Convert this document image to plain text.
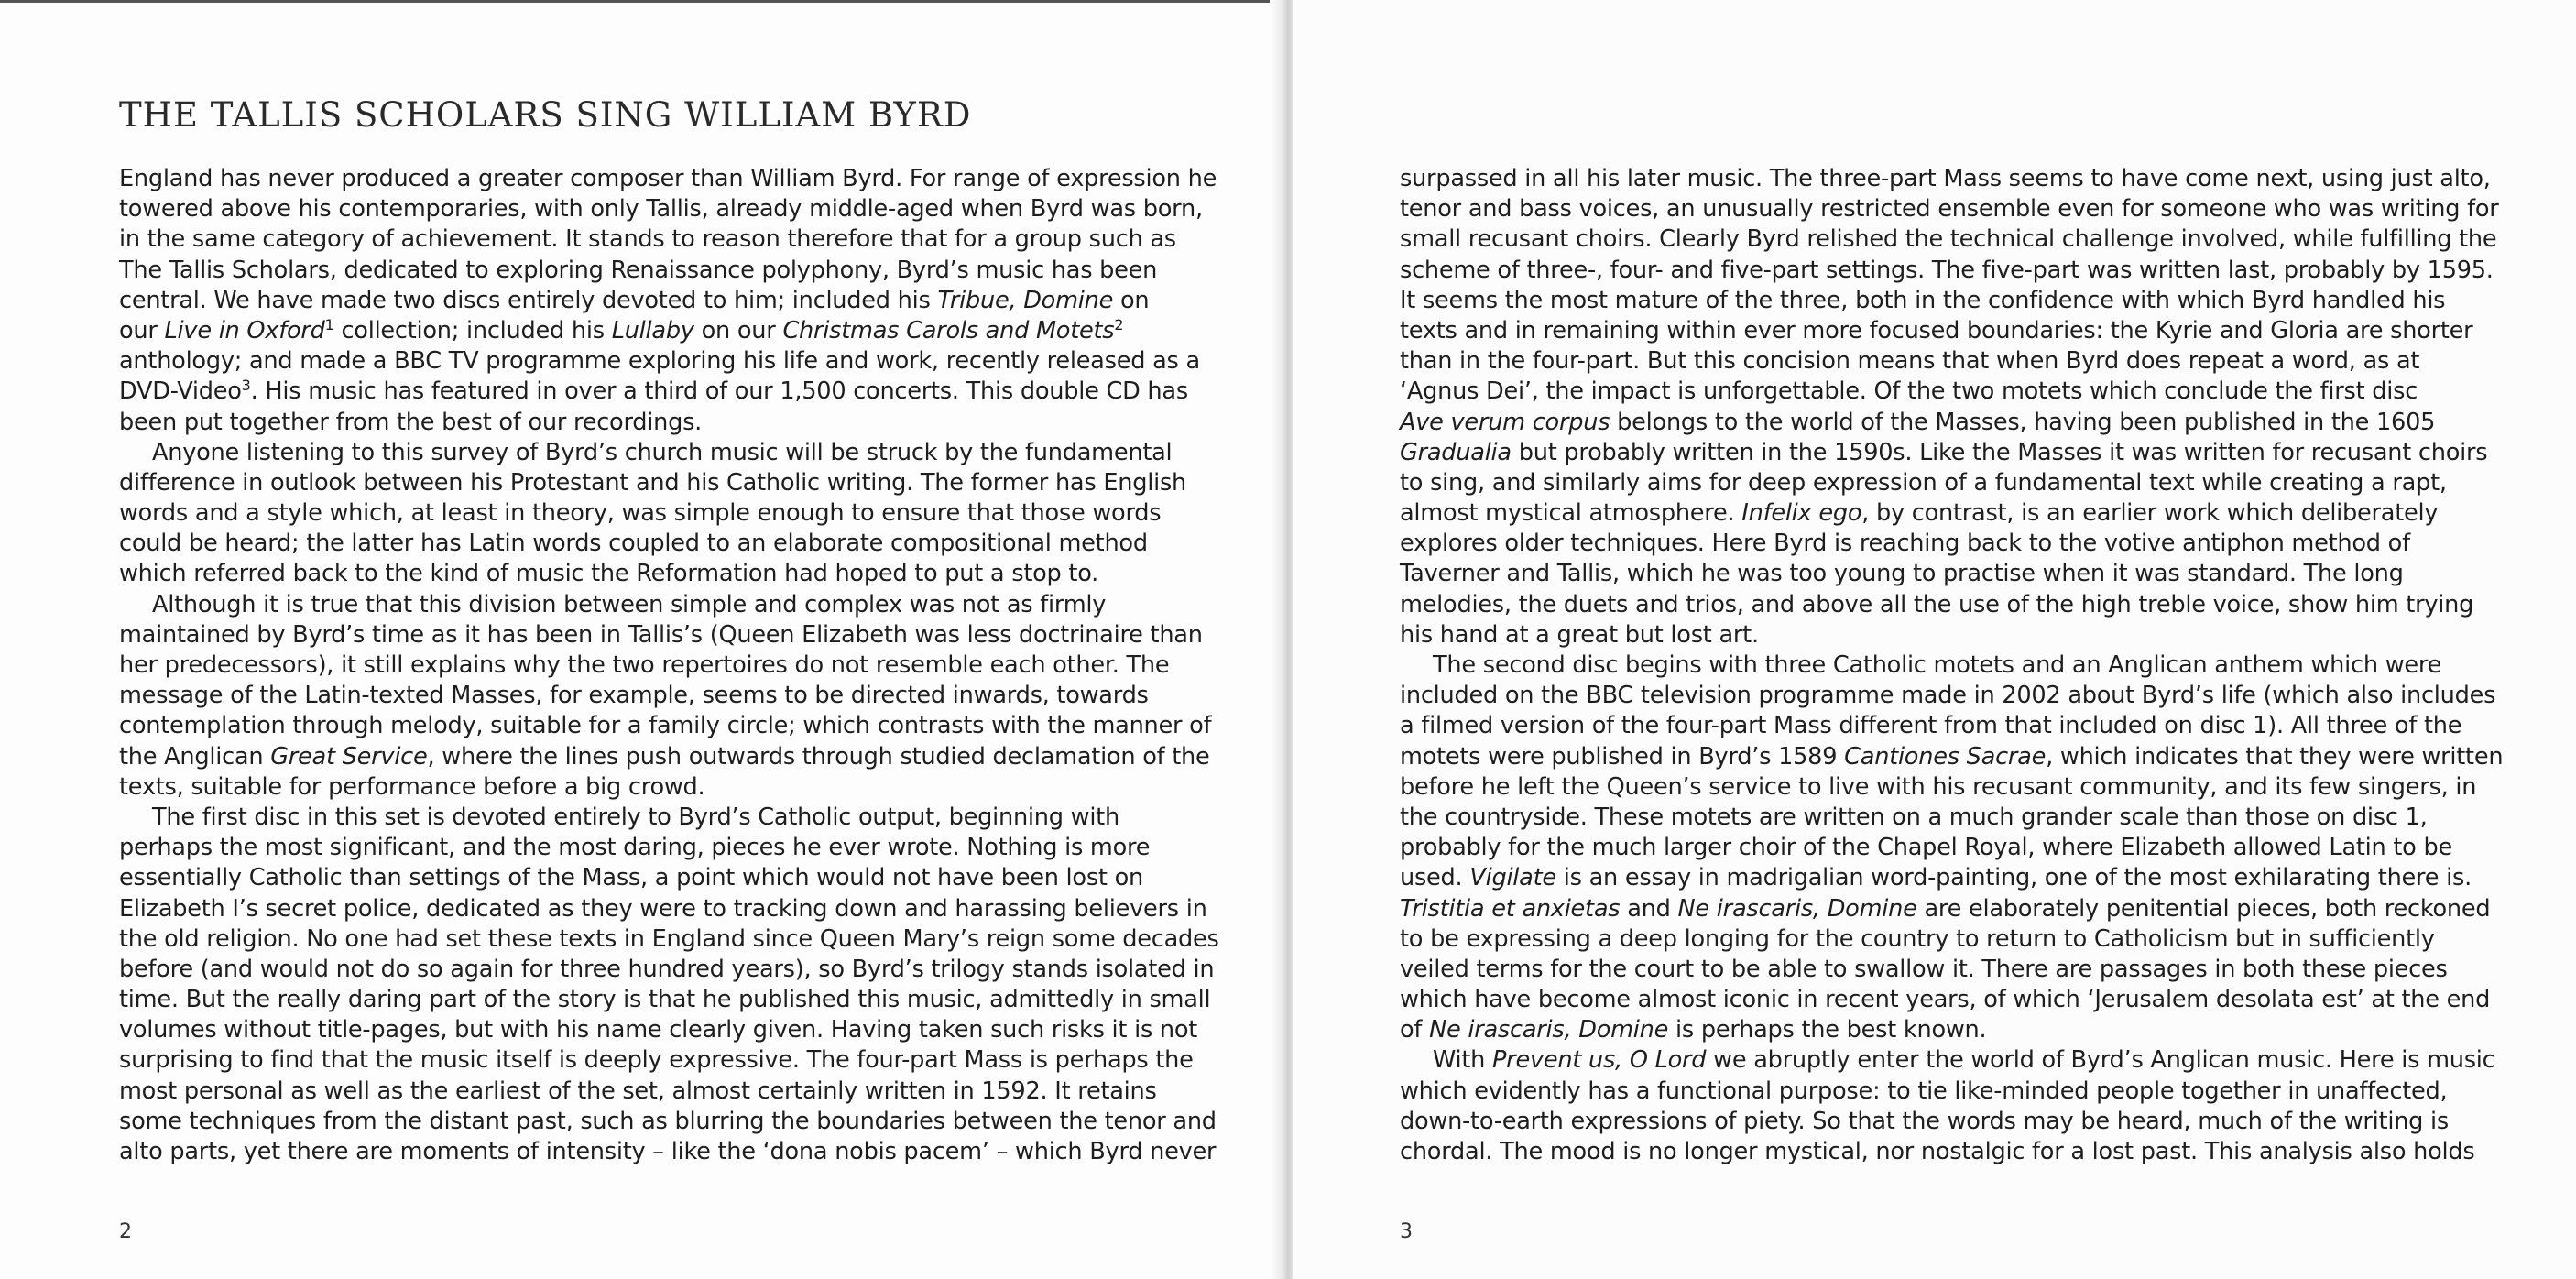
THE TALLIS SCHOLARS SING WILLIAM BYRD
England has never produced a greater composer than William Byrd. For range of expression he
towered above his contemporaries, with only Tallis, already middle-aged when Byrd was born,
in the same category of achievement. It stands to reason therefore that for a group such as
The Tallis Scholars, dedicated to exploring Renaissance polyphony, Byrd’s music has been
central. We have made two discs entirely devoted to him; included his Tribue, Domine on
our Live in Oxford$^1$ collection; included his Lullaby on our Christmas Carols and Motets$^2$
anthology; and made a BBC TV programme exploring his life and work, recently released as a
DVD-Video$^3$. His music has featured in over a third of our 1,500 concerts. This double CD has
been put together from the best of our recordings.
Anyone listening to this survey of Byrd’s church music will be struck by the fundamental
difference in outlook between his Protestant and his Catholic writing. The former has English
words and a style which, at least in theory, was simple enough to ensure that those words
could be heard; the latter has Latin words coupled to an elaborate compositional method
which referred back to the kind of music the Reformation had hoped to put a stop to.
Although it is true that this division between simple and complex was not as firmly
maintained by Byrd’s time as it has been in Tallis’s (Queen Elizabeth was less doctrinaire than
her predecessors), it still explains why the two repertoires do not resemble each other. The
message of the Latin-texted Masses, for example, seems to be directed inwards, towards
contemplation through melody, suitable for a family circle; which contrasts with the manner of
the Anglican Great Service, where the lines push outwards through studied declamation of the
texts, suitable for performance before a big crowd.
The first disc in this set is devoted entirely to Byrd’s Catholic output, beginning with
perhaps the most significant, and the most daring, pieces he ever wrote. Nothing is more
essentially Catholic than settings of the Mass, a point which would not have been lost on
Elizabeth I’s secret police, dedicated as they were to tracking down and harassing believers in
the old religion. No one had set these texts in England since Queen Mary’s reign some decades
before (and would not do so again for three hundred years), so Byrd’s trilogy stands isolated in
time. But the really daring part of the story is that he published this music, admittedly in small
volumes without title-pages, but with his name clearly given. Having taken such risks it is not
surprising to find that the music itself is deeply expressive. The four-part Mass is perhaps the
most personal as well as the earliest of the set, almost certainly written in 1592. It retains
some techniques from the distant past, such as blurring the boundaries between the tenor and
alto parts, yet there are moments of intensity – like the ‘dona nobis pacem’ – which Byrd never
2
surpassed in all his later music. The three-part Mass seems to have come next, using just alto,
tenor and bass voices, an unusually restricted ensemble even for someone who was writing for
small recusant choirs. Clearly Byrd relished the technical challenge involved, while fulfilling the
scheme of three-, four- and five-part settings. The five-part was written last, probably by 1595.
It seems the most mature of the three, both in the confidence with which Byrd handled his
texts and in remaining within ever more focused boundaries: the Kyrie and Gloria are shorter
than in the four-part. But this concision means that when Byrd does repeat a word, as at
‘Agnus Dei’, the impact is unforgettable. Of the two motets which conclude the first disc
Ave verum corpus belongs to the world of the Masses, having been published in the 1605
Gradualia but probably written in the 1590s. Like the Masses it was written for recusant choirs
to sing, and similarly aims for deep expression of a fundamental text while creating a rapt,
almost mystical atmosphere. Infelix ego, by contrast, is an earlier work which deliberately
explores older techniques. Here Byrd is reaching back to the votive antiphon method of
Taverner and Tallis, which he was too young to practise when it was standard. The long
melodies, the duets and trios, and above all the use of the high treble voice, show him trying
his hand at a great but lost art.
The second disc begins with three Catholic motets and an Anglican anthem which were
included on the BBC television programme made in 2002 about Byrd’s life (which also includes
a filmed version of the four-part Mass different from that included on disc 1). All three of the
motets were published in Byrd’s 1589 Cantiones Sacrae, which indicates that they were written
before he left the Queen’s service to live with his recusant community, and its few singers, in
the countryside. These motets are written on a much grander scale than those on disc 1,
probably for the much larger choir of the Chapel Royal, where Elizabeth allowed Latin to be
used. Vigilate is an essay in madrigalian word-painting, one of the most exhilarating there is.
Tristitia et anxietas and Ne irascaris, Domine are elaborately penitential pieces, both reckoned
to be expressing a deep longing for the country to return to Catholicism but in sufficiently
veiled terms for the court to be able to swallow it. There are passages in both these pieces
which have become almost iconic in recent years, of which ‘Jerusalem desolata est’ at the end
of Ne irascaris, Domine is perhaps the best known.
With Prevent us, O Lord we abruptly enter the world of Byrd’s Anglican music. Here is music
which evidently has a functional purpose: to tie like-minded people together in unaffected,
down-to-earth expressions of piety. So that the words may be heard, much of the writing is
chordal. The mood is no longer mystical, nor nostalgic for a lost past. This analysis also holds
3
